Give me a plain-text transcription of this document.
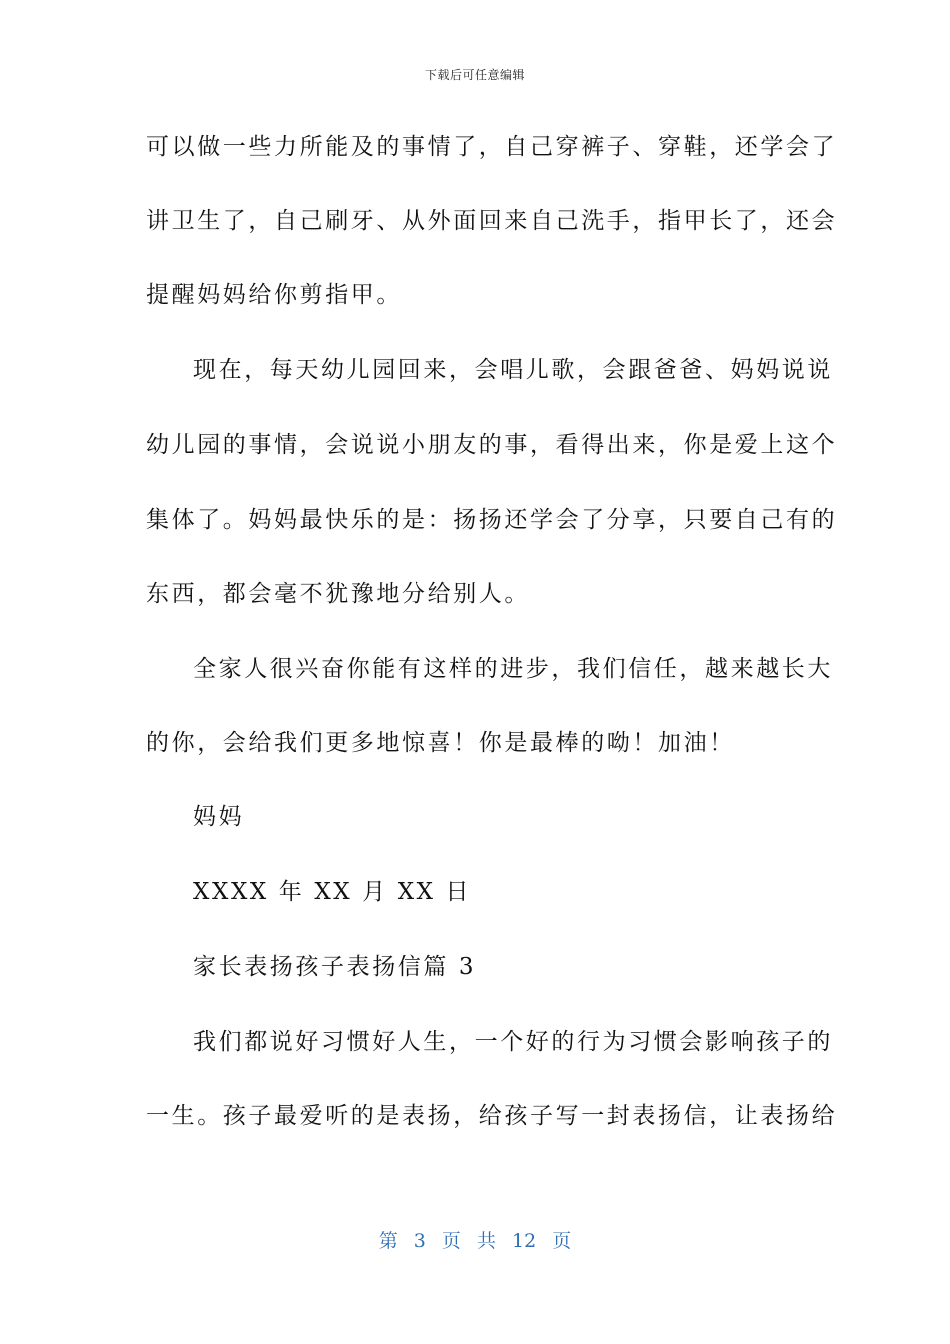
下载后可任意编辑
可以做一些力所能及的事情了，自己穿裤子、穿鞋，还学会了
讲卫生了，自己刷牙、从外面回来自己洗手，指甲长了，还会
提醒妈妈给你剪指甲。
现在，每天幼儿园回来，会唱儿歌，会跟爸爸、妈妈说说
幼儿园的事情，会说说小朋友的事，看得出来，你是爱上这个
集体了。妈妈最快乐的是：扬扬还学会了分享，只要自己有的
东西，都会毫不犹豫地分给别人。
全家人很兴奋你能有这样的进步，我们信任，越来越长大
的你，会给我们更多地惊喜！你是最棒的呦！加油！
妈妈
XXXX 年 XX 月 XX 日
家长表扬孩子表扬信篇 3
我们都说好习惯好人生，一个好的行为习惯会影响孩子的
一生。孩子最爱听的是表扬，给孩子写一封表扬信，让表扬给
第 3 页 共 12 页
